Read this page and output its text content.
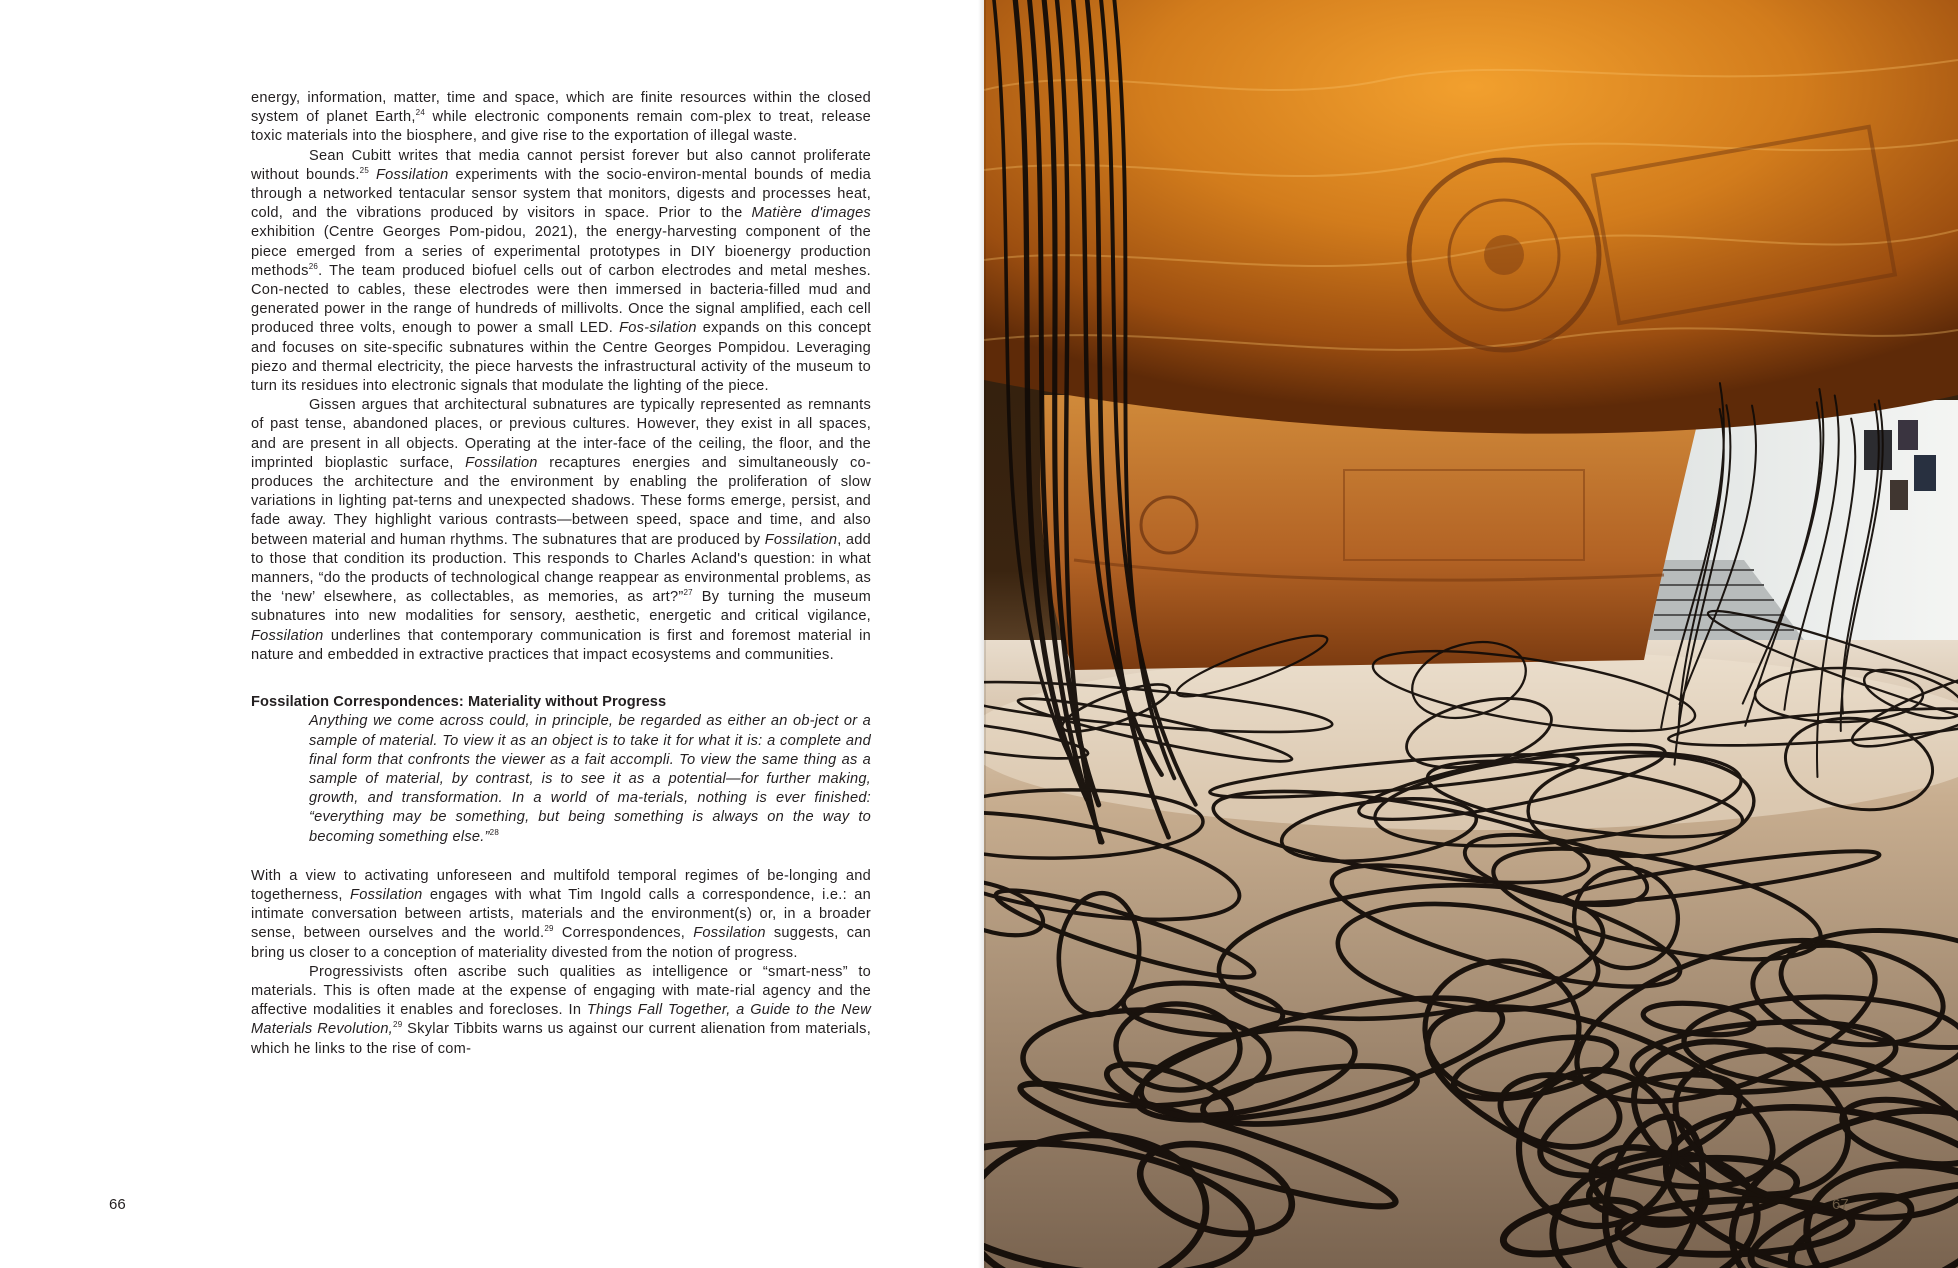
energy, information, matter, time and space, which are finite resources within the closed system of planet Earth,$^{24}$ while electronic components remain com-plex to treat, release toxic materials into the biosphere, and give rise to the exportation of illegal waste.

Sean Cubitt writes that media cannot persist forever but also cannot proliferate without bounds.$^{25}$ Fossilation experiments with the socio-environ-mental bounds of media through a networked tentacular sensor system that monitors, digests and processes heat, cold, and the vibrations produced by visitors in space. Prior to the Matière d'images exhibition (Centre Georges Pom-pidou, 2021), the energy-harvesting component of the piece emerged from a series of experimental prototypes in DIY bioenergy production methods$^{26}$. The team produced biofuel cells out of carbon electrodes and metal meshes. Con-nected to cables, these electrodes were then immersed in bacteria-filled mud and generated power in the range of hundreds of millivolts. Once the signal amplified, each cell produced three volts, enough to power a small LED. Fos-silation expands on this concept and focuses on site-specific subnatures within the Centre Georges Pompidou. Leveraging piezo and thermal electricity, the piece harvests the infrastructural activity of the museum to turn its residues into electronic signals that modulate the lighting of the piece.

Gissen argues that architectural subnatures are typically represented as remnants of past tense, abandoned places, or previous cultures. However, they exist in all spaces, and are present in all objects. Operating at the inter-face of the ceiling, the floor, and the imprinted bioplastic surface, Fossilation recaptures energies and simultaneously co-produces the architecture and the environment by enabling the proliferation of slow variations in lighting pat-terns and unexpected shadows. These forms emerge, persist, and fade away. They highlight various contrasts—between speed, space and time, and also between material and human rhythms. The subnatures that are produced by Fossilation, add to those that condition its production. This responds to Charles Acland's question: in what manners, “do the products of technological change reappear as environmental problems, as the ‘new’ elsewhere, as collectables, as memories, as art?”$^{27}$ By turning the museum subnatures into new modalities for sensory, aesthetic, energetic and critical vigilance, Fossilation underlines that contemporary communication is first and foremost material in nature and embedded in extractive practices that impact ecosystems and communities.

Fossilation Correspondences: Materiality without Progress
Anything we come across could, in principle, be regarded as either an ob-ject or a sample of material. To view it as an object is to take it for what it is: a complete and final form that confronts the viewer as a fait accompli. To view the same thing as a sample of material, by contrast, is to see it as a potential—for further making, growth, and transformation. In a world of ma-terials, nothing is ever finished: “everything may be something, but being something is always on the way to becoming something else.”$^{28}$

With a view to activating unforeseen and multifold temporal regimes of be-longing and togetherness, Fossilation engages with what Tim Ingold calls a correspondence, i.e.: an intimate conversation between artists, materials and the environment(s) or, in a broader sense, between ourselves and the world.$^{29}$ Correspondences, Fossilation suggests, can bring us closer to a conception of materiality divested from the notion of progress.

Progressivists often ascribe such qualities as intelligence or “smart-ness” to materials. This is often made at the expense of engaging with mate-rial agency and the affective modalities it enables and forecloses. In Things Fall Together, a Guide to the New Materials Revolution,$^{29}$ Skylar Tibbits warns us against our current alienation from materials, which he links to the rise of com-

66	67
